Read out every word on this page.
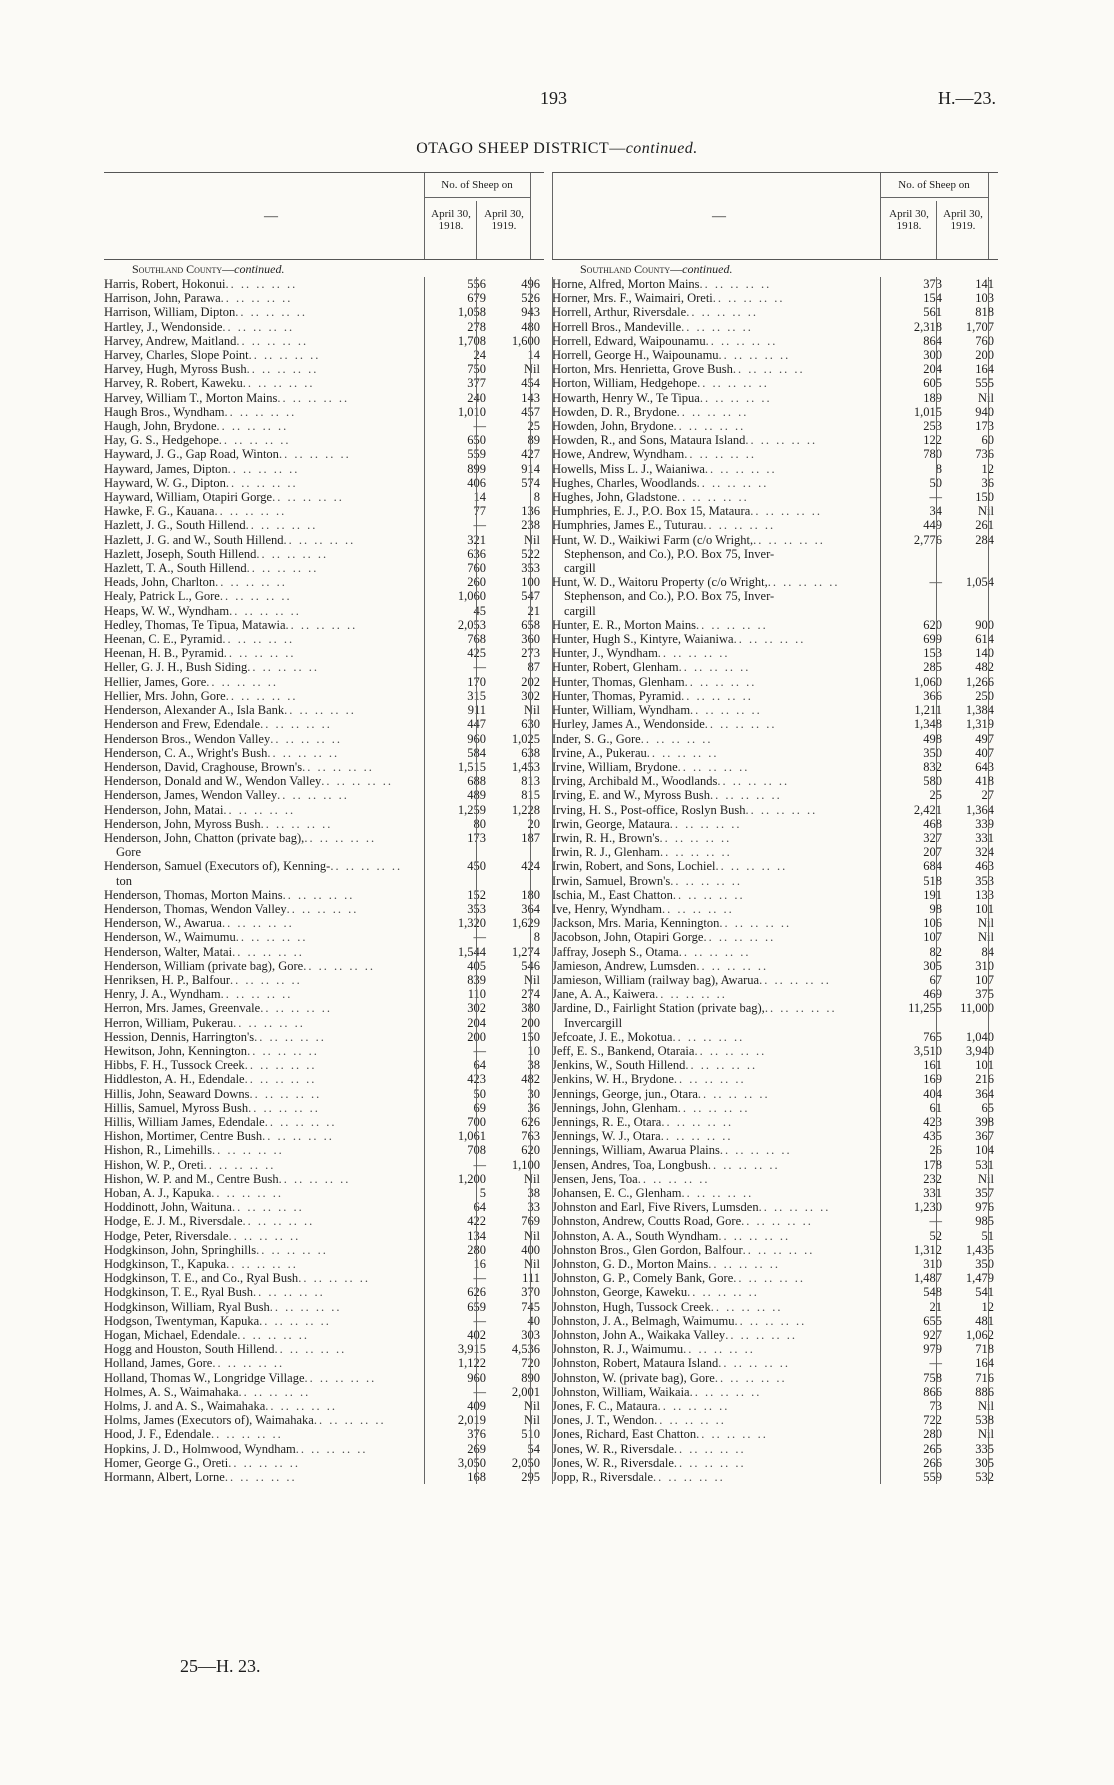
193	H.—23.
OTAGO SHEEP DISTRICT—continued.
—
No. of Sheep on
April 30, 1918.
April 30, 1919.
Southland County—continued.
Harris, Robert, Hokonui .. .. .. .. ..	556	496
Harrison, John, Parawa .. .. .. .. ..	679	526
Harrison, William, Dipton .. .. .. .. ..	1,058	943
Hartley, J., Wendonside .. .. .. .. ..	278	480
Harvey, Andrew, Maitland .. .. .. .. ..	1,708	1,600
Harvey, Charles, Slope Point .. .. .. .. ..	24	14
Harvey, Hugh, Myross Bush .. .. .. .. ..	750	Nil
Harvey, R. Robert, Kaweku .. .. .. .. ..	377	454
Harvey, William T., Morton Mains .. .. .. .. ..	240	143
Haugh Bros., Wyndham .. .. .. .. ..	1,010	457
Haugh, John, Brydone .. .. .. .. ..	—	25
Hay, G. S., Hedgehope .. .. .. .. ..	650	89
Hayward, J. G., Gap Road, Winton .. .. .. .. ..	559	427
Hayward, James, Dipton .. .. .. .. ..	899	914
Hayward, W. G., Dipton .. .. .. .. ..	406	574
Hayward, William, Otapiri Gorge .. .. .. .. ..	14	8
Hawke, F. G., Kauana .. .. .. .. ..	77	136
Hazlett, J. G., South Hillend .. .. .. .. ..	—	238
Hazlett, J. G. and W., South Hillend .. .. .. .. ..	321	Nil
Hazlett, Joseph, South Hillend .. .. .. .. ..	636	522
Hazlett, T. A., South Hillend .. .. .. .. ..	760	353
Heads, John, Charlton .. .. .. .. ..	260	100
Healy, Patrick L., Gore .. .. .. .. ..	1,060	547
Heaps, W. W., Wyndham .. .. .. .. ..	45	21
Hedley, Thomas, Te Tipua, Matawia .. .. .. .. ..	2,053	658
Heenan, C. E., Pyramid .. .. .. .. ..	768	360
Heenan, H. B., Pyramid .. .. .. .. ..	425	273
Heller, G. J. H., Bush Siding .. .. .. .. ..	—	87
Hellier, James, Gore .. .. .. .. ..	170	202
Hellier, Mrs. John, Gore .. .. .. .. ..	315	302
Henderson, Alexander A., Isla Bank .. .. .. .. ..	911	Nil
Henderson and Frew, Edendale .. .. .. .. ..	447	630
Henderson Bros., Wendon Valley .. .. .. .. ..	960	1,025
Henderson, C. A., Wright's Bush .. .. .. .. ..	584	638
Henderson, David, Craghouse, Brown's .. .. .. .. ..	1,515	1,453
Henderson, Donald and W., Wendon Valley .. .. .. .. ..	688	813
Henderson, James, Wendon Valley .. .. .. .. ..	489	815
Henderson, John, Matai .. .. .. .. ..	1,259	1,228
Henderson, John, Myross Bush .. .. .. .. ..	80	20
Henderson, John, Chatton (private bag), .. .. .. .. ..	173	187
Gore
Henderson, Samuel (Executors of), Kenning- .. .. .. .. ..	450	424
ton
Henderson, Thomas, Morton Mains .. .. .. .. ..	152	180
Henderson, Thomas, Wendon Valley .. .. .. .. ..	353	364
Henderson, W., Awarua .. .. .. .. ..	1,320	1,629
Henderson, W., Waimumu .. .. .. .. ..	—	8
Henderson, Walter, Matai .. .. .. .. ..	1,544	1,274
Henderson, William (private bag), Gore .. .. .. .. ..	405	546
Henriksen, H. P., Balfour .. .. .. .. ..	839	Nil
Henry, J. A., Wyndham .. .. .. .. ..	110	274
Herron, Mrs. James, Greenvale .. .. .. .. ..	302	380
Herron, William, Pukerau .. .. .. .. ..	204	200
Hession, Dennis, Harrington's .. .. .. .. ..	200	150
Hewitson, John, Kennington .. .. .. .. ..	—	10
Hibbs, F. H., Tussock Creek .. .. .. .. ..	64	38
Hiddleston, A. H., Edendale .. .. .. .. ..	423	482
Hillis, John, Seaward Downs .. .. .. .. ..	50	30
Hillis, Samuel, Myross Bush .. .. .. .. ..	69	36
Hillis, William James, Edendale .. .. .. .. ..	700	626
Hishon, Mortimer, Centre Bush .. .. .. .. ..	1,061	763
Hishon, R., Limehills .. .. .. .. ..	708	620
Hishon, W. P., Oreti .. .. .. .. ..	—	1,100
Hishon, W. P. and M., Centre Bush .. .. .. .. ..	1,200	Nil
Hoban, A. J., Kapuka .. .. .. .. ..	5	38
Hoddinott, John, Waituna .. .. .. .. ..	64	33
Hodge, E. J. M., Riversdale .. .. .. .. ..	422	769
Hodge, Peter, Riversdale .. .. .. .. ..	134	Nil
Hodgkinson, John, Springhills .. .. .. .. ..	280	400
Hodgkinson, T., Kapuka .. .. .. .. ..	16	Nil
Hodgkinson, T. E., and Co., Ryal Bush .. .. .. .. ..	—	111
Hodgkinson, T. E., Ryal Bush .. .. .. .. ..	626	370
Hodgkinson, William, Ryal Bush .. .. .. .. ..	659	745
Hodgson, Twentyman, Kapuka .. .. .. .. ..	—	40
Hogan, Michael, Edendale .. .. .. .. ..	402	303
Hogg and Houston, South Hillend .. .. .. .. ..	3,915	4,536
Holland, James, Gore .. .. .. .. ..	1,122	720
Holland, Thomas W., Longridge Village .. .. .. .. ..	960	890
Holmes, A. S., Waimahaka .. .. .. .. ..	—	2,001
Holms, J. and A. S., Waimahaka .. .. .. .. ..	409	Nil
Holms, James (Executors of), Waimahaka .. .. .. .. ..	2,019	Nil
Hood, J. F., Edendale .. .. .. .. ..	376	510
Hopkins, J. D., Holmwood, Wyndham .. .. .. .. ..	269	54
Homer, George G., Oreti .. .. .. .. ..	3,050	2,050
Hormann, Albert, Lorne .. .. .. .. ..	168	295
—
No. of Sheep on
April 30, 1918.
April 30, 1919.
Southland County—continued.
Horne, Alfred, Morton Mains .. .. .. .. ..	373	141
Horner, Mrs. F., Waimairi, Oreti .. .. .. .. ..	154	103
Horrell, Arthur, Riversdale .. .. .. .. ..	561	818
Horrell Bros., Mandeville .. .. .. .. ..	2,318	1,707
Horrell, Edward, Waipounamu .. .. .. .. ..	864	760
Horrell, George H., Waipounamu .. .. .. .. ..	300	200
Horton, Mrs. Henrietta, Grove Bush .. .. .. .. ..	204	164
Horton, William, Hedgehope .. .. .. .. ..	605	555
Howarth, Henry W., Te Tipua .. .. .. .. ..	189	Nil
Howden, D. R., Brydone .. .. .. .. ..	1,015	940
Howden, John, Brydone .. .. .. .. ..	253	173
Howden, R., and Sons, Mataura Island .. .. .. .. ..	122	60
Howe, Andrew, Wyndham .. .. .. .. ..	780	736
Howells, Miss L. J., Waianiwa .. .. .. .. ..	8	12
Hughes, Charles, Woodlands .. .. .. .. ..	50	36
Hughes, John, Gladstone .. .. .. .. ..	—	150
Humphries, E. J., P.O. Box 15, Mataura .. .. .. .. ..	34	Nil
Humphries, James E., Tuturau .. .. .. .. ..	449	261
Hunt, W. D., Waikiwi Farm (c/o Wright, .. .. .. .. ..	2,776	284
Stephenson, and Co.), P.O. Box 75, Inver-
cargill
Hunt, W. D., Waitoru Property (c/o Wright, .. .. .. .. ..	—	1,054
Stephenson, and Co.), P.O. Box 75, Inver-
cargill
Hunter, E. R., Morton Mains .. .. .. .. ..	620	900
Hunter, Hugh S., Kintyre, Waianiwa .. .. .. .. ..	699	614
Hunter, J., Wyndham .. .. .. .. ..	153	140
Hunter, Robert, Glenham .. .. .. .. ..	285	482
Hunter, Thomas, Glenham .. .. .. .. ..	1,060	1,266
Hunter, Thomas, Pyramid .. .. .. .. ..	366	250
Hunter, William, Wyndham .. .. .. .. ..	1,211	1,384
Hurley, James A., Wendonside .. .. .. .. ..	1,348	1,319
Inder, S. G., Gore .. .. .. .. ..	498	497
Irvine, A., Pukerau .. .. .. .. ..	350	407
Irvine, William, Brydone .. .. .. .. ..	832	643
Irving, Archibald M., Woodlands .. .. .. .. ..	580	418
Irving, E. and W., Myross Bush .. .. .. .. ..	25	27
Irving, H. S., Post-office, Roslyn Bush .. .. .. .. ..	2,421	1,364
Irwin, George, Mataura .. .. .. .. ..	468	339
Irwin, R. H., Brown's .. .. .. .. ..	327	331
Irwin, R. J., Glenham .. .. .. .. ..	207	324
Irwin, Robert, and Sons, Lochiel .. .. .. .. ..	684	463
Irwin, Samuel, Brown's .. .. .. .. ..	518	353
Ischia, M., East Chatton .. .. .. .. ..	191	133
Ive, Henry, Wyndham .. .. .. .. ..	98	101
Jackson, Mrs. Maria, Kennington .. .. .. .. ..	106	Nil
Jacobson, John, Otapiri Gorge .. .. .. .. ..	107	Nil
Jaffray, Joseph S., Otama .. .. .. .. ..	82	84
Jamieson, Andrew, Lumsden .. .. .. .. ..	305	310
Jamieson, William (railway bag), Awarua .. .. .. .. ..	67	107
Jane, A. A., Kaiwera .. .. .. .. ..	469	375
Jardine, D., Fairlight Station (private bag), .. .. .. .. ..	11,255	11,000
Invercargill
Jefcoate, J. E., Mokotua .. .. .. .. ..	765	1,040
Jeff, E. S., Bankend, Otaraia .. .. .. .. ..	3,510	3,940
Jenkins, W., South Hillend .. .. .. .. ..	161	101
Jenkins, W. H., Brydone .. .. .. .. ..	169	216
Jennings, George, jun., Otara .. .. .. .. ..	404	364
Jennings, John, Glenham .. .. .. .. ..	61	65
Jennings, R. E., Otara .. .. .. .. ..	423	398
Jennings, W. J., Otara .. .. .. .. ..	435	367
Jennings, William, Awarua Plains .. .. .. .. ..	26	104
Jensen, Andres, Toa, Longbush .. .. .. .. ..	178	531
Jensen, Jens, Toa .. .. .. .. ..	232	Nil
Johansen, E. C., Glenham .. .. .. .. ..	331	357
Johnston and Earl, Five Rivers, Lumsden .. .. .. .. ..	1,230	976
Johnston, Andrew, Coutts Road, Gore .. .. .. .. ..	—	985
Johnston, A. A., South Wyndham .. .. .. .. ..	52	51
Johnston Bros., Glen Gordon, Balfour .. .. .. .. ..	1,312	1,435
Johnston, G. D., Morton Mains .. .. .. .. ..	310	350
Johnston, G. P., Comely Bank, Gore .. .. .. .. ..	1,487	1,479
Johnston, George, Kaweku .. .. .. .. ..	548	541
Johnston, Hugh, Tussock Creek .. .. .. .. ..	21	12
Johnston, J. A., Belmagh, Waimumu .. .. .. .. ..	655	481
Johnston, John A., Waikaka Valley .. .. .. .. ..	927	1,062
Johnston, R. J., Waimumu .. .. .. .. ..	979	718
Johnston, Robert, Mataura Island .. .. .. .. ..	—	164
Johnston, W. (private bag), Gore .. .. .. .. ..	758	716
Johnston, William, Waikaia .. .. .. .. ..	866	886
Jones, F. C., Mataura .. .. .. .. ..	73	Nil
Jones, J. T., Wendon .. .. .. .. ..	722	538
Jones, Richard, East Chatton .. .. .. .. ..	280	Nil
Jones, W. R., Riversdale .. .. .. .. ..	265	335
Jones, W. R., Riversdale .. .. .. .. ..	266	305
Jopp, R., Riversdale .. .. .. .. ..	559	532
25—H. 23.
